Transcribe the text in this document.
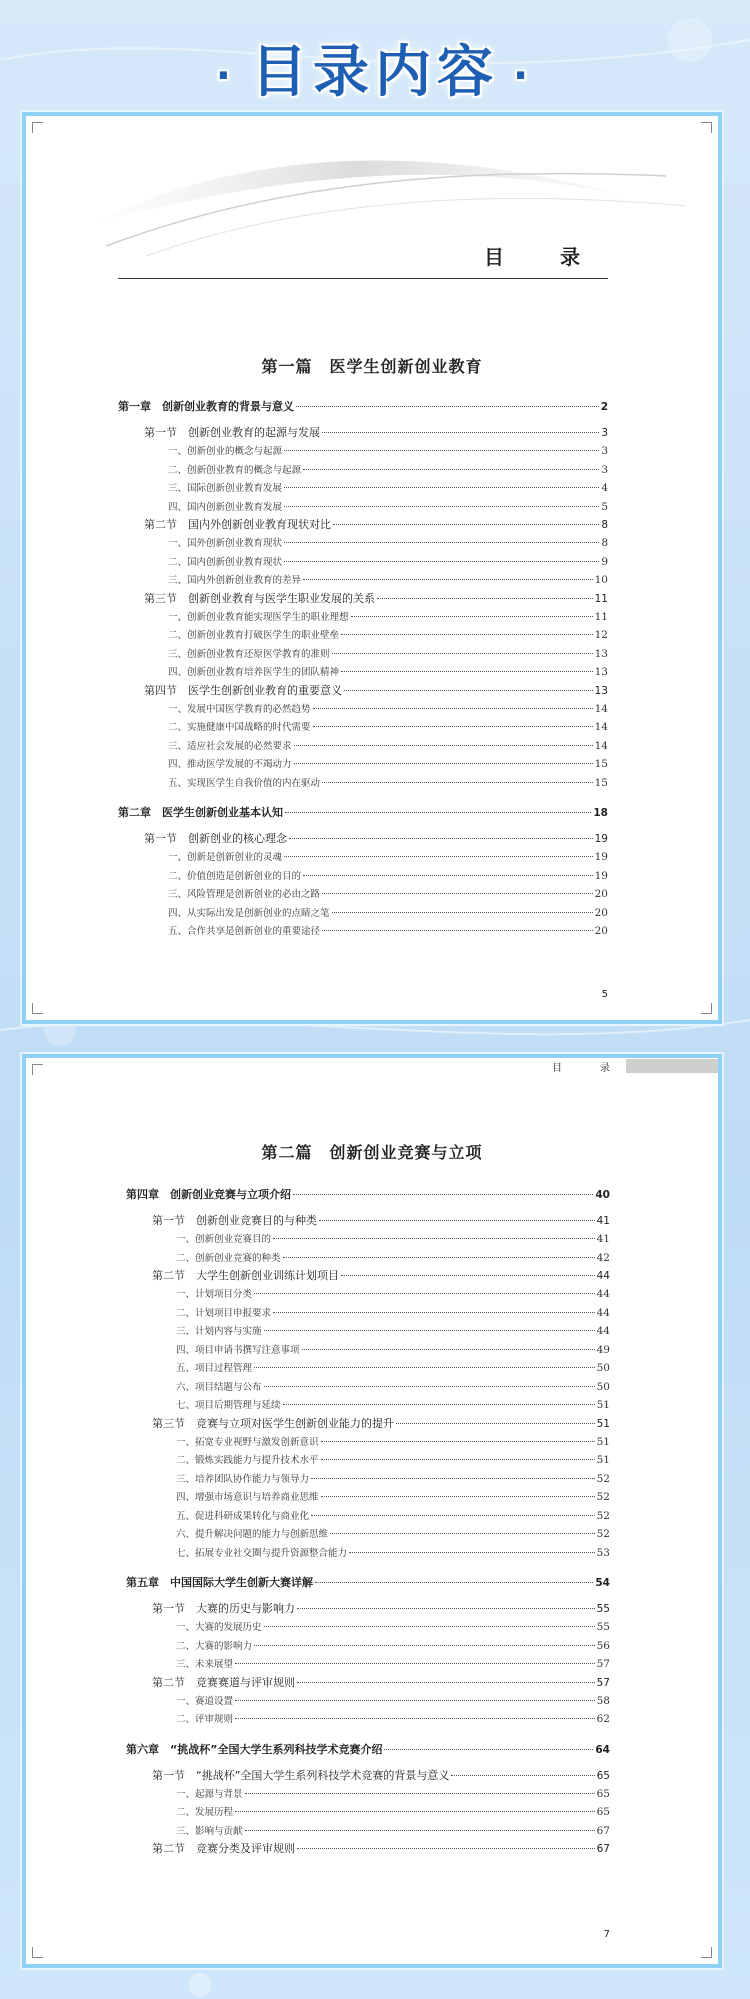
· 目录内容 ·
目　录
第一篇　医学生创新创业教育
第一章　创新创业教育的背景与意义	2
第一节　创新创业教育的起源与发展	3
一、创新创业的概念与起源	3
二、创新创业教育的概念与起源	3
三、国际创新创业教育发展	4
四、国内创新创业教育发展	5
第二节　国内外创新创业教育现状对比	8
一、国外创新创业教育现状	8
二、国内创新创业教育现状	9
三、国内外创新创业教育的差异	10
第三节　创新创业教育与医学生职业发展的关系	11
一、创新创业教育能实现医学生的职业理想	11
二、创新创业教育打破医学生的职业壁垒	12
三、创新创业教育还原医学教育的准则	13
四、创新创业教育培养医学生的团队精神	13
第四节　医学生创新创业教育的重要意义	13
一、发展中国医学教育的必然趋势	14
二、实施健康中国战略的时代需要	14
三、适应社会发展的必然要求	14
四、推动医学发展的不竭动力	15
五、实现医学生自我价值的内在驱动	15
第二章　医学生创新创业基本认知	18
第一节　创新创业的核心理念	19
一、创新是创新创业的灵魂	19
二、价值创造是创新创业的目的	19
三、风险管理是创新创业的必由之路	20
四、从实际出发是创新创业的点睛之笔	20
五、合作共享是创新创业的重要途径	20
5
目　录
第二篇　创新创业竞赛与立项
第四章　创新创业竞赛与立项介绍	40
第一节　创新创业竞赛目的与种类	41
一、创新创业竞赛目的	41
二、创新创业竞赛的种类	42
第二节　大学生创新创业训练计划项目	44
一、计划项目分类	44
二、计划项目申报要求	44
三、计划内容与实施	44
四、项目申请书撰写注意事项	49
五、项目过程管理	50
六、项目结题与公布	50
七、项目后期管理与延续	51
第三节　竞赛与立项对医学生创新创业能力的提升	51
一、拓宽专业视野与激发创新意识	51
二、锻炼实践能力与提升技术水平	51
三、培养团队协作能力与领导力	52
四、增强市场意识与培养商业思维	52
五、促进科研成果转化与商业化	52
六、提升解决问题的能力与创新思维	52
七、拓展专业社交圈与提升资源整合能力	53
第五章　中国国际大学生创新大赛详解	54
第一节　大赛的历史与影响力	55
一、大赛的发展历史	55
二、大赛的影响力	56
三、未来展望	57
第二节　竞赛赛道与评审规则	57
一、赛道设置	58
二、评审规则	62
第六章　“挑战杯”全国大学生系列科技学术竞赛介绍	64
第一节　“挑战杯”全国大学生系列科技学术竞赛的背景与意义	65
一、起源与背景	65
二、发展历程	65
三、影响与贡献	67
第二节　竞赛分类及评审规则	67
7
